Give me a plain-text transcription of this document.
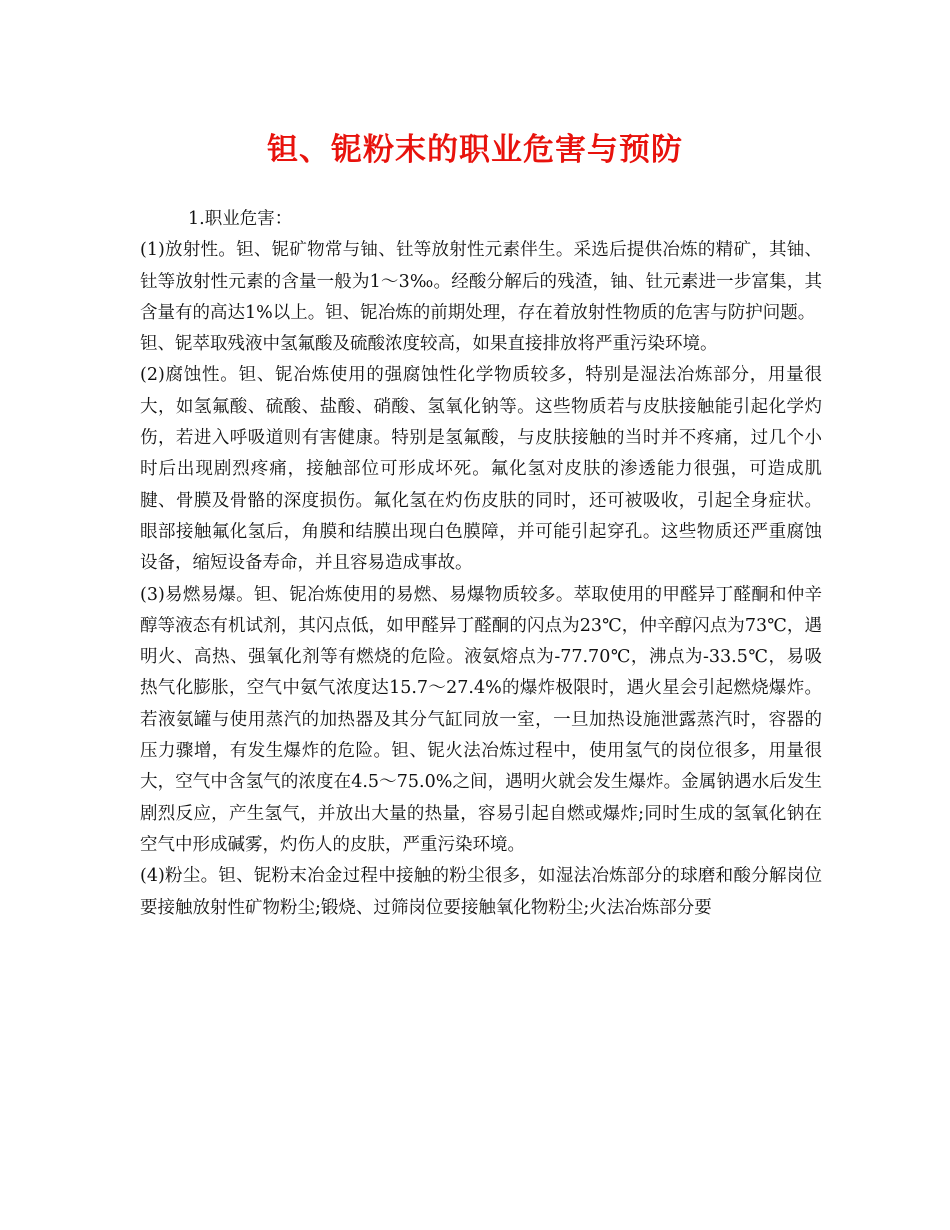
钽、铌粉末的职业危害与预防

1.职业危害：

(1)放射性。钽、铌矿物常与铀、钍等放射性元素伴生。采选后提供冶炼的精矿，其铀、钍等放射性元素的含量一般为1～3‰。经酸分解后的残渣，铀、钍元素进一步富集，其含量有的高达1%以上。钽、铌冶炼的前期处理，存在着放射性物质的危害与防护问题。

钽、铌萃取残液中氢氟酸及硫酸浓度较高，如果直接排放将严重污染环境。

(2)腐蚀性。钽、铌冶炼使用的强腐蚀性化学物质较多，特别是湿法冶炼部分，用量很大，如氢氟酸、硫酸、盐酸、硝酸、氢氧化钠等。这些物质若与皮肤接触能引起化学灼伤，若进入呼吸道则有害健康。特别是氢氟酸，与皮肤接触的当时并不疼痛，过几个小时后出现剧烈疼痛，接触部位可形成坏死。氟化氢对皮肤的渗透能力很强，可造成肌腱、骨膜及骨骼的深度损伤。氟化氢在灼伤皮肤的同时，还可被吸收，引起全身症状。眼部接触氟化氢后，角膜和结膜出现白色膜障，并可能引起穿孔。这些物质还严重腐蚀设备，缩短设备寿命，并且容易造成事故。

(3)易燃易爆。钽、铌冶炼使用的易燃、易爆物质较多。萃取使用的甲醛异丁醛酮和仲辛醇等液态有机试剂，其闪点低，如甲醛异丁醛酮的闪点为23℃，仲辛醇闪点为73℃，遇明火、高热、强氧化剂等有燃烧的危险。液氨熔点为-77.70℃，沸点为-33.5℃，易吸热气化膨胀，空气中氨气浓度达15.7～27.4%的爆炸极限时，遇火星会引起燃烧爆炸。若液氨罐与使用蒸汽的加热器及其分气缸同放一室，一旦加热设施泄露蒸汽时，容器的压力骤增，有发生爆炸的危险。钽、铌火法冶炼过程中，使用氢气的岗位很多，用量很大，空气中含氢气的浓度在4.5～75.0%之间，遇明火就会发生爆炸。金属钠遇水后发生剧烈反应，产生氢气，并放出大量的热量，容易引起自燃或爆炸;同时生成的氢氧化钠在空气中形成碱雾，灼伤人的皮肤，严重污染环境。

(4)粉尘。钽、铌粉末冶金过程中接触的粉尘很多，如湿法冶炼部分的球磨和酸分解岗位要接触放射性矿物粉尘;锻烧、过筛岗位要接触氧化物粉尘;火法冶炼部分要
